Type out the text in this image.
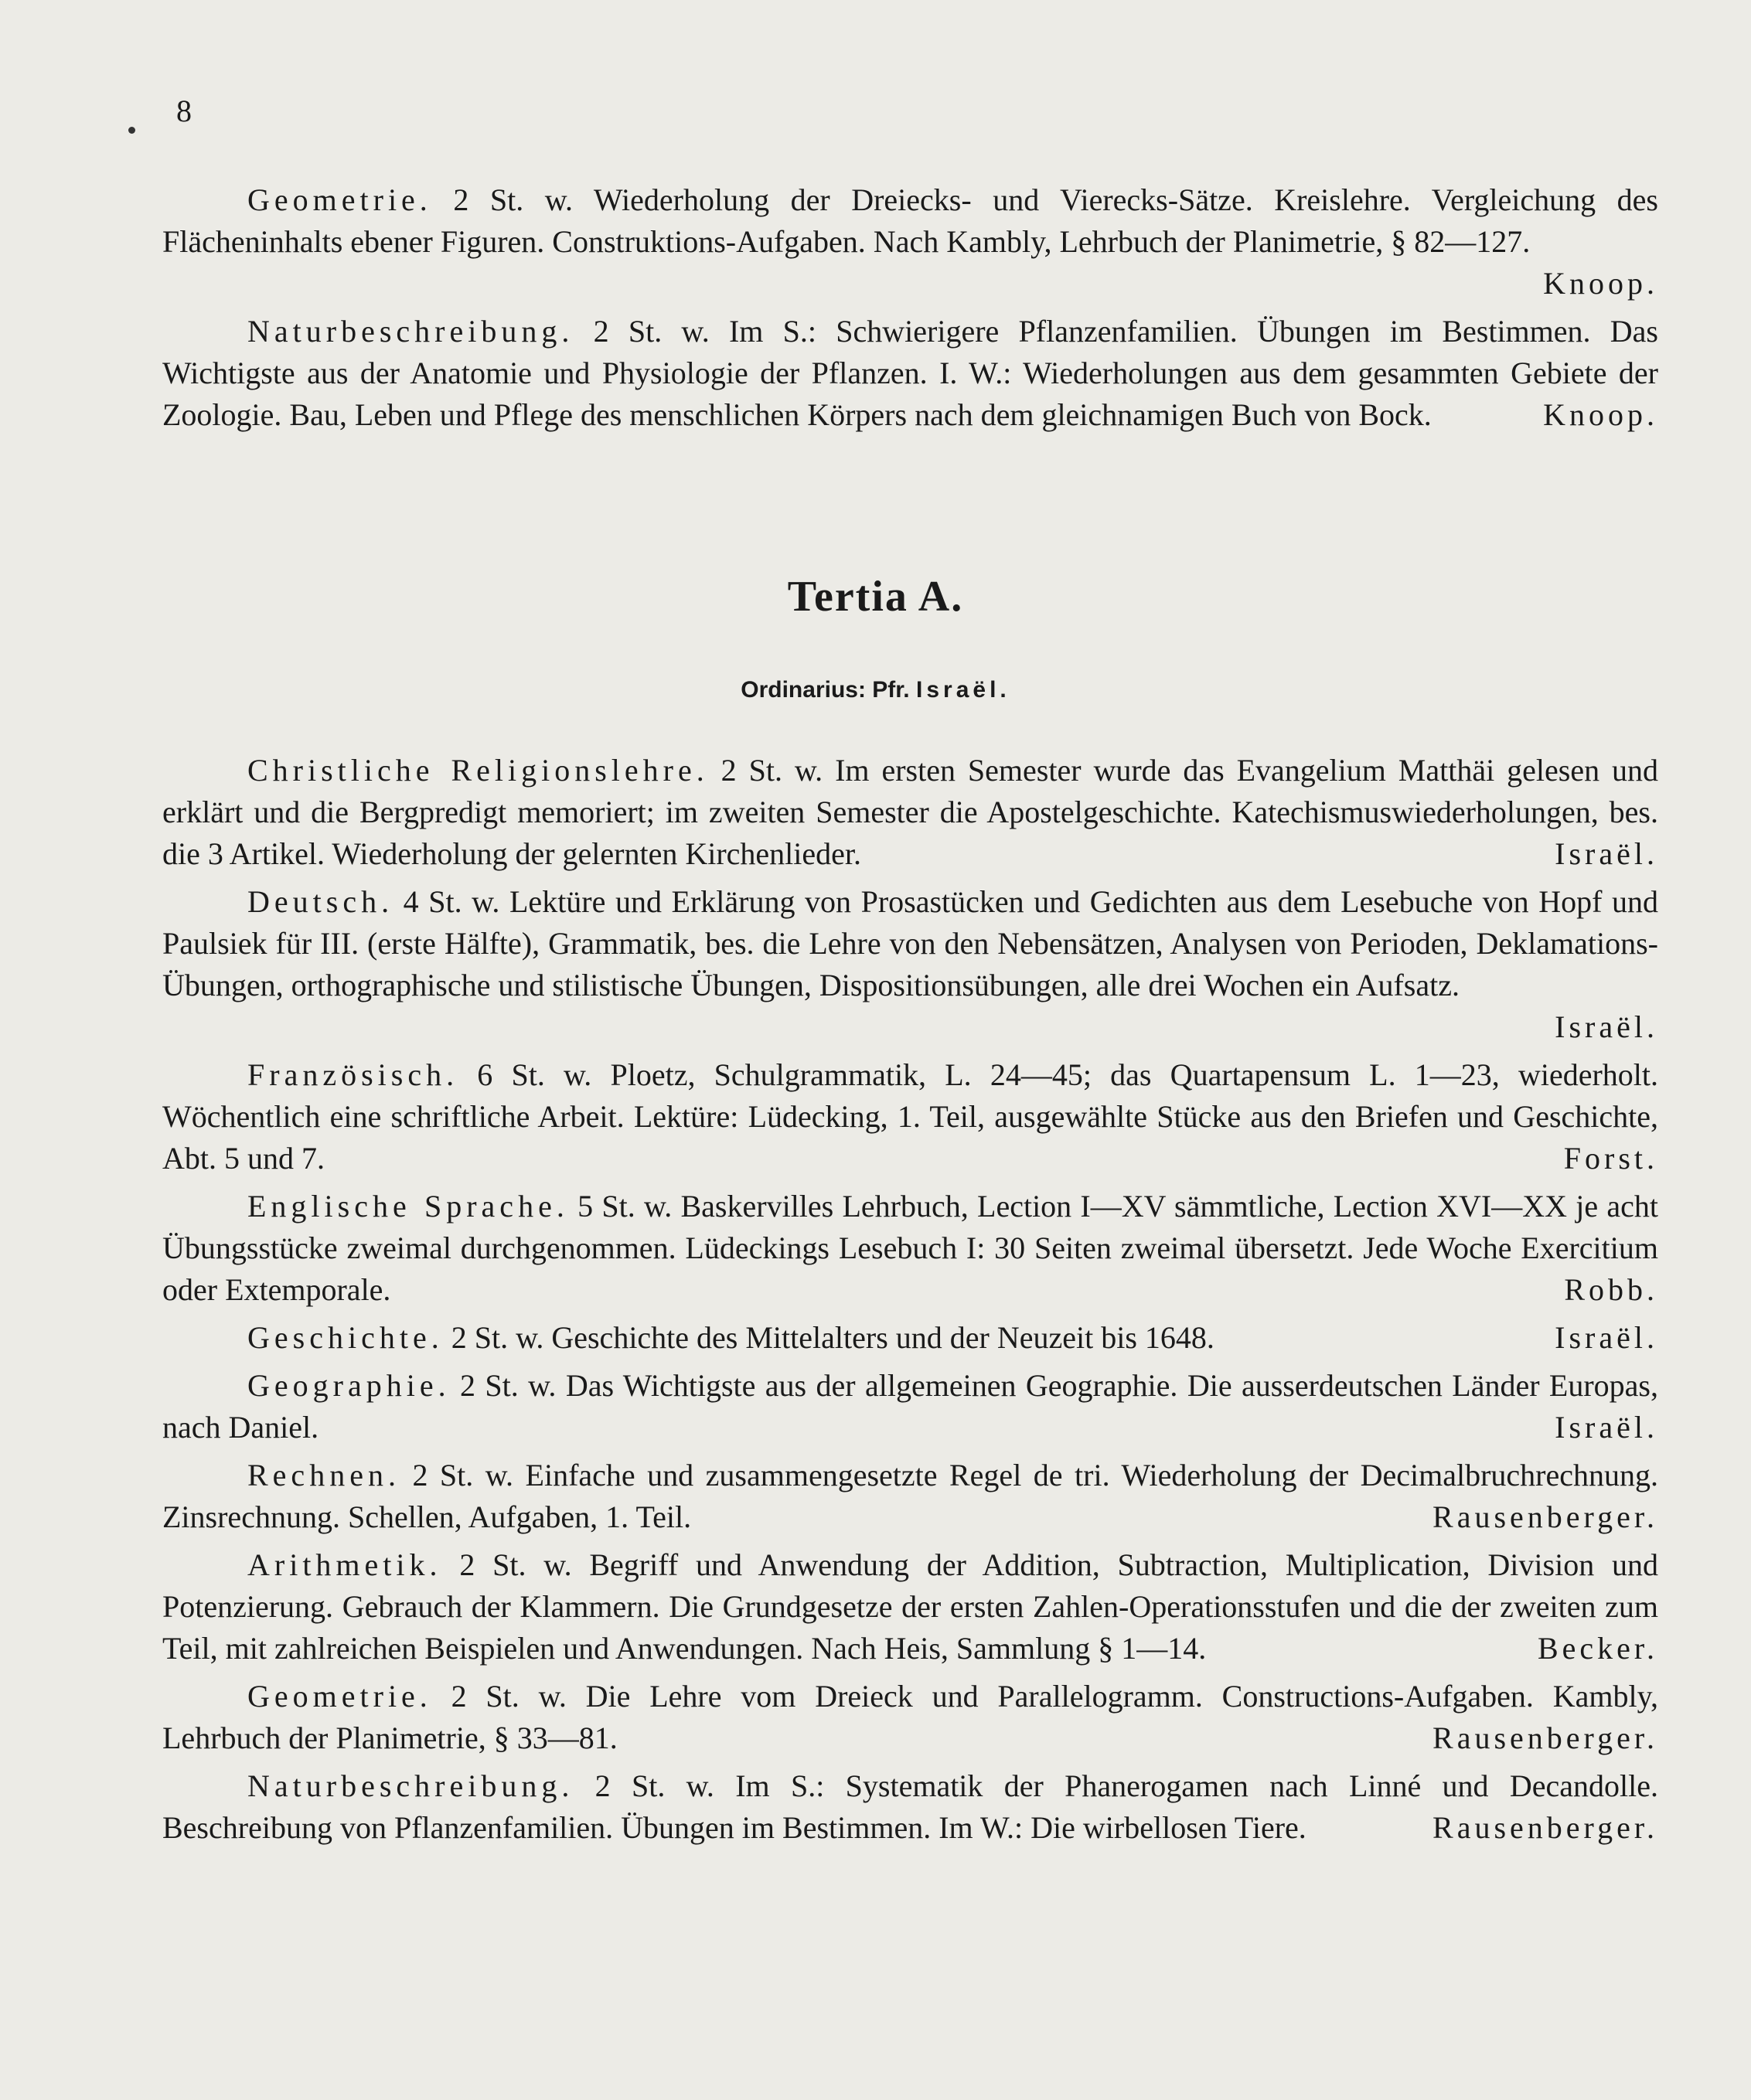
8

Geometrie. 2 St. w. Wiederholung der Dreiecks- und Vierecks-Sätze. Kreislehre. Vergleichung des Flächeninhalts ebener Figuren. Construktions-Aufgaben. Nach Kambly, Lehrbuch der Planimetrie, § 82—127.
Knoop.

Naturbeschreibung. 2 St. w. Im S.: Schwierigere Pflanzenfamilien. Übungen im Bestimmen. Das Wichtigste aus der Anatomie und Physiologie der Pflanzen. I. W.: Wiederholungen aus dem gesammten Gebiete der Zoologie. Bau, Leben und Pflege des menschlichen Körpers nach dem gleichnamigen Buch von Bock.	Knoop.

Tertia A.
Ordinarius: Pfr. Israël.

Christliche Religionslehre. 2 St. w. Im ersten Semester wurde das Evangelium Matthäi gelesen und erklärt und die Bergpredigt memoriert; im zweiten Semester die Apostelgeschichte. Katechismuswiederholungen, bes. die 3 Artikel. Wiederholung der gelernten Kirchenlieder.	Israël.

Deutsch. 4 St. w. Lektüre und Erklärung von Prosastücken und Gedichten aus dem Lesebuche von Hopf und Paulsiek für III. (erste Hälfte), Grammatik, bes. die Lehre von den Nebensätzen, Analysen von Perioden, Deklamations-Übungen, orthographische und stilistische Übungen, Dispositionsübungen, alle drei Wochen ein Aufsatz.
Israël.

Französisch. 6 St. w. Ploetz, Schulgrammatik, L. 24—45; das Quartapensum L. 1—23, wiederholt. Wöchentlich eine schriftliche Arbeit. Lektüre: Lüdecking, 1. Teil, ausgewählte Stücke aus den Briefen und Geschichte, Abt. 5 und 7.	Forst.

Englische Sprache. 5 St. w. Baskervilles Lehrbuch, Lection I—XV sämmtliche, Lection XVI—XX je acht Übungsstücke zweimal durchgenommen. Lüdeckings Lesebuch I: 30 Seiten zweimal übersetzt. Jede Woche Exercitium oder Extemporale.	Robb.

Geschichte. 2 St. w. Geschichte des Mittelalters und der Neuzeit bis 1648.	Israël.

Geographie. 2 St. w. Das Wichtigste aus der allgemeinen Geographie. Die ausserdeutschen Länder Europas, nach Daniel.	Israël.

Rechnen. 2 St. w. Einfache und zusammengesetzte Regel de tri. Wiederholung der Decimalbruchrechnung. Zinsrechnung. Schellen, Aufgaben, 1. Teil.	Rausenberger.

Arithmetik. 2 St. w. Begriff und Anwendung der Addition, Subtraction, Multiplication, Division und Potenzierung. Gebrauch der Klammern. Die Grundgesetze der ersten Zahlen-Operationsstufen und die der zweiten zum Teil, mit zahlreichen Beispielen und Anwendungen. Nach Heis, Sammlung § 1—14.	Becker.

Geometrie. 2 St. w. Die Lehre vom Dreieck und Parallelogramm. Constructions-Aufgaben. Kambly, Lehrbuch der Planimetrie, § 33—81.	Rausenberger.

Naturbeschreibung. 2 St. w. Im S.: Systematik der Phanerogamen nach Linné und Decandolle. Beschreibung von Pflanzenfamilien. Übungen im Bestimmen. Im W.: Die wirbellosen Tiere.	Rausenberger.
